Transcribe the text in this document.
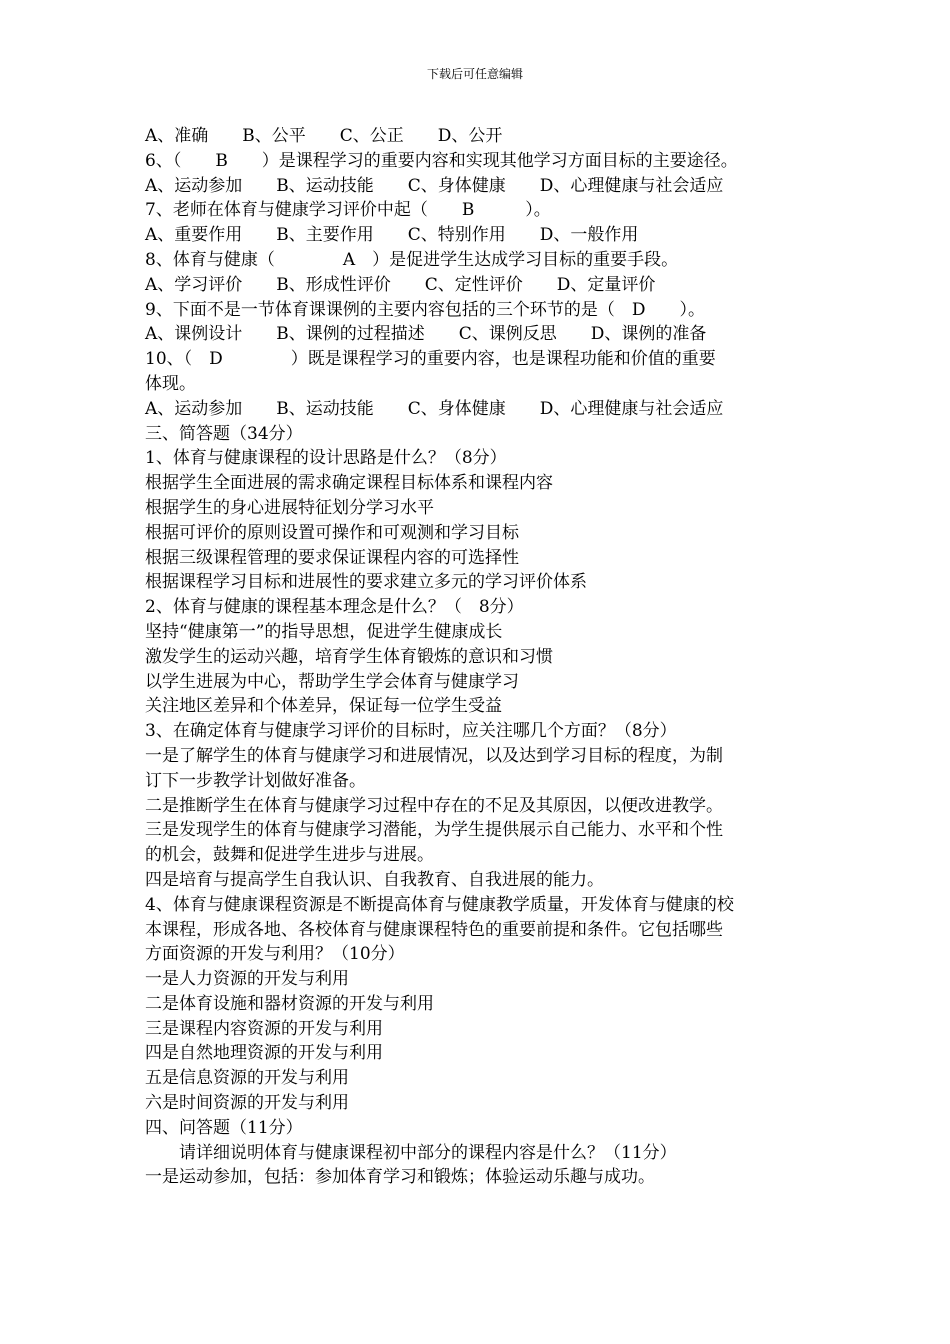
下载后可任意编辑
A、准确　　B、公平　　C、公正　　D、公开
6、（　　B　　）是课程学习的重要内容和实现其他学习方面目标的主要途径。
A、运动参加　　B、运动技能　　C、身体健康　　D、心理健康与社会适应
7、老师在体育与健康学习评价中起（　　B　　　）。
A、重要作用　　B、主要作用　　C、特别作用　　D、一般作用
8、体育与健康（　　　　A　）是促进学生达成学习目标的重要手段。
A、学习评价　　B、形成性评价　　C、定性评价　　D、定量评价
9、下面不是一节体育课课例的主要内容包括的三个环节的是（　D　　）。
A、课例设计　　B、课例的过程描述　　C、课例反思　　D、课例的准备
10、（　D　　　　）既是课程学习的重要内容，也是课程功能和价值的重要
体现。
A、运动参加　　B、运动技能　　C、身体健康　　D、心理健康与社会适应
三、简答题（34分）
1、体育与健康课程的设计思路是什么？（8分）
根据学生全面进展的需求确定课程目标体系和课程内容
根据学生的身心进展特征划分学习水平
根据可评价的原则设置可操作和可观测和学习目标
根据三级课程管理的要求保证课程内容的可选择性
根据课程学习目标和进展性的要求建立多元的学习评价体系
2、体育与健康的课程基本理念是什么？（　8分）
坚持“健康第一”的指导思想，促进学生健康成长
激发学生的运动兴趣，培育学生体育锻炼的意识和习惯
以学生进展为中心，帮助学生学会体育与健康学习
关注地区差异和个体差异，保证每一位学生受益
3、在确定体育与健康学习评价的目标时，应关注哪几个方面？（8分）
一是了解学生的体育与健康学习和进展情况，以及达到学习目标的程度，为制
订下一步教学计划做好准备。
二是推断学生在体育与健康学习过程中存在的不足及其原因，以便改进教学。
三是发现学生的体育与健康学习潜能，为学生提供展示自己能力、水平和个性
的机会，鼓舞和促进学生进步与进展。
四是培育与提高学生自我认识、自我教育、自我进展的能力。
4、体育与健康课程资源是不断提高体育与健康教学质量，开发体育与健康的校
本课程，形成各地、各校体育与健康课程特色的重要前提和条件。它包括哪些
方面资源的开发与利用？（10分）
一是人力资源的开发与利用
二是体育设施和器材资源的开发与利用
三是课程内容资源的开发与利用
四是自然地理资源的开发与利用
五是信息资源的开发与利用
六是时间资源的开发与利用
四、问答题（11分）
　　请详细说明体育与健康课程初中部分的课程内容是什么？（11分）
一是运动参加，包括：参加体育学习和锻炼；体验运动乐趣与成功。
